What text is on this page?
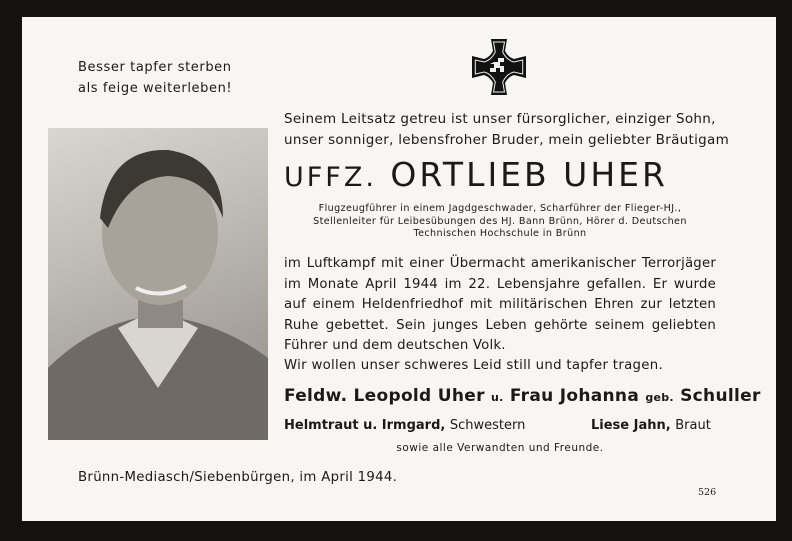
Besser tapfer sterben
als feige weiterleben!
Seinem Leitsatz getreu ist unser fürsorglicher, einziger Sohn,
unser sonniger, lebensfroher Bruder, mein geliebter Bräutigam
UFFZ. ORTLIEB UHER
Flugzeugführer in einem Jagdgeschwader, Scharführer der Flieger-HJ.,
Stellenleiter für Leibesübungen des HJ. Bann Brünn, Hörer d. Deutschen
Technischen Hochschule in Brünn
im Luftkampf mit einer Übermacht amerikanischer Terrorjäger im Monate April 1944 im 22. Lebensjahre gefallen. Er wurde auf einem Heldenfriedhof mit militärischen Ehren zur letzten Ruhe gebettet. Sein junges Leben gehörte seinem geliebten Führer und dem deutschen Volk.
Wir wollen unser schweres Leid still und tapfer tragen.
Feldw. Leopold Uher u. Frau Johanna geb. Schuller
Helmtraut u. Irmgard, Schwestern	Liese Jahn, Braut
sowie alle Verwandten und Freunde.
Brünn-Mediasch/Siebenbürgen, im April 1944.
526
